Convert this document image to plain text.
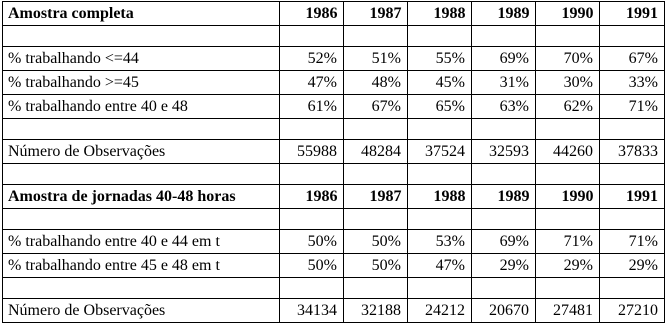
Amostra completa	1986	1987	1988	1989	1990	1991

% trabalhando <=44	52%	51%	55%	69%	70%	67%
% trabalhando >=45	47%	48%	45%	31%	30%	33%
% trabalhando entre 40 e 48	61%	67%	65%	63%	62%	71%

Número de Observações	55988	48284	37524	32593	44260	37833

Amostra de jornadas 40-48 horas	1986	1987	1988	1989	1990	1991

% trabalhando entre 40 e 44 em t	50%	50%	53%	69%	71%	71%
% trabalhando entre 45 e 48 em t	50%	50%	47%	29%	29%	29%

Número de Observações	34134	32188	24212	20670	27481	27210
